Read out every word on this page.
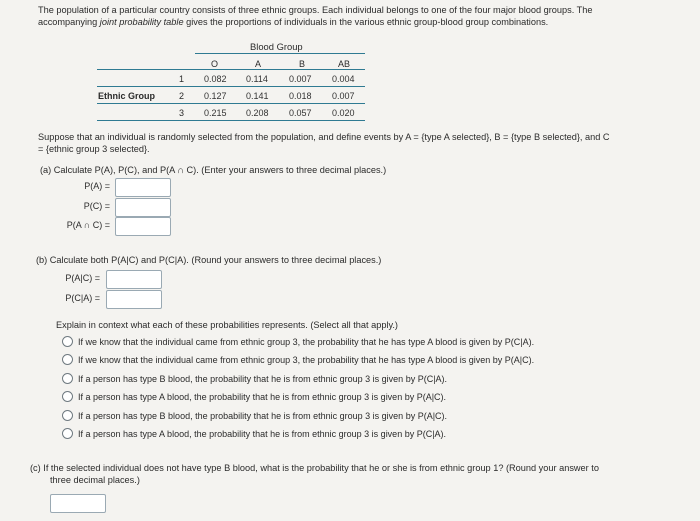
The population of a particular country consists of three ethnic groups. Each individual belongs to one of the four major blood groups. The
accompanying joint probability table gives the proportions of individuals in the various ethnic group-blood group combinations.
Blood Group
O	A	B	AB
Ethnic Group
1 0.082 0.114 0.007 0.004
2 0.127 0.141 0.018 0.007
3 0.215 0.208 0.057 0.020
Suppose that an individual is randomly selected from the population, and define events by A = {type A selected}, B = {type B selected}, and C
= {ethnic group 3 selected}.
(a) Calculate P(A), P(C), and P(A ∩ C). (Enter your answers to three decimal places.)
P(A) =
P(C) =
P(A ∩ C) =
(b) Calculate both P(A|C) and P(C|A). (Round your answers to three decimal places.)
P(A|C) =
P(C|A) =
Explain in context what each of these probabilities represents. (Select all that apply.)
If we know that the individual came from ethnic group 3, the probability that he has type A blood is given by P(C|A).
If we know that the individual came from ethnic group 3, the probability that he has type A blood is given by P(A|C).
If a person has type B blood, the probability that he is from ethnic group 3 is given by P(C|A).
If a person has type A blood, the probability that he is from ethnic group 3 is given by P(A|C).
If a person has type B blood, the probability that he is from ethnic group 3 is given by P(A|C).
If a person has type A blood, the probability that he is from ethnic group 3 is given by P(C|A).
(c) If the selected individual does not have type B blood, what is the probability that he or she is from ethnic group 1? (Round your answer to
three decimal places.)
